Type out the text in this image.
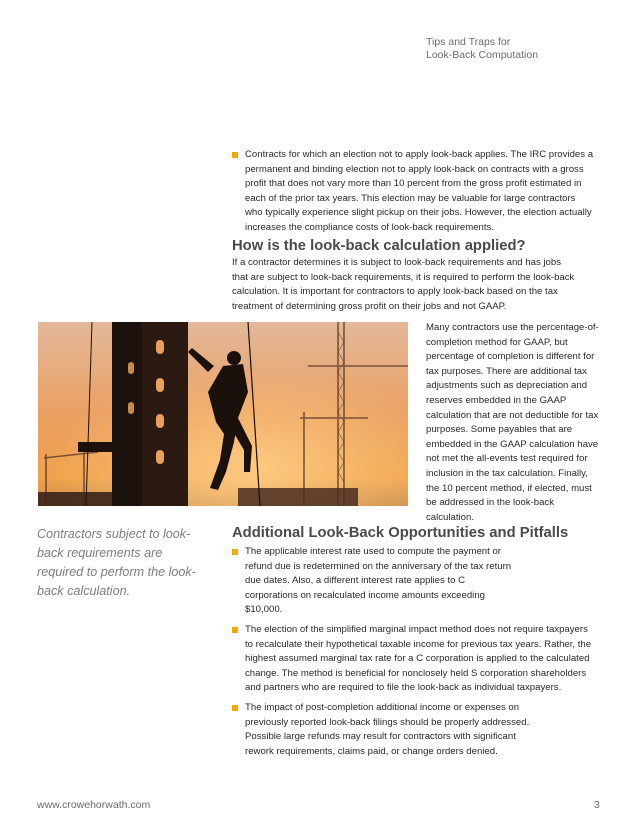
Tips and Traps for
Look-Back Computation
Contracts for which an election not to apply look-back applies. The IRC provides a permanent and binding election not to apply look-back on contracts with a gross profit that does not vary more than 10 percent from the gross profit estimated in each of the prior tax years. This election may be valuable for large contractors who typically experience slight pickup on their jobs. However, the election actually increases the compliance costs of look-back requirements.
How is the look-back calculation applied?

If a contractor determines it is subject to look-back requirements and has jobs that are subject to look-back requirements, it is required to perform the look-back calculation. It is important for contractors to apply look-back based on the tax treatment of determining gross profit on their jobs and not GAAP.

Many contractors use the percentage-of-completion method for GAAP, but percentage of completion is different for tax purposes. There are additional tax adjustments such as depreciation and reserves embedded in the GAAP calculation that are not deductible for tax purposes. Some payables that are embedded in the GAAP calculation have not met the all-events test required for inclusion in the tax calculation. Finally, the 10 percent method, if elected, must be addressed in the look-back calculation.

Contractors subject to look-back requirements are required to perform the look-back calculation.

Additional Look-Back Opportunities and Pitfalls
The applicable interest rate used to compute the payment or refund due is redetermined on the anniversary of the tax return due dates. Also, a different interest rate applies to C corporations on recalculated income amounts exceeding $10,000.
The election of the simplified marginal impact method does not require taxpayers to recalculate their hypothetical taxable income for previous tax years. Rather, the highest assumed marginal tax rate for a C corporation is applied to the calculated change. The method is beneficial for nonclosely held S corporation shareholders and partners who are required to file the look-back as individual taxpayers.
The impact of post-completion additional income or expenses on previously reported look-back filings should be properly addressed. Possible large refunds may result for contractors with significant rework requirements, claims paid, or change orders denied.
www.crowehorwath.com	3
